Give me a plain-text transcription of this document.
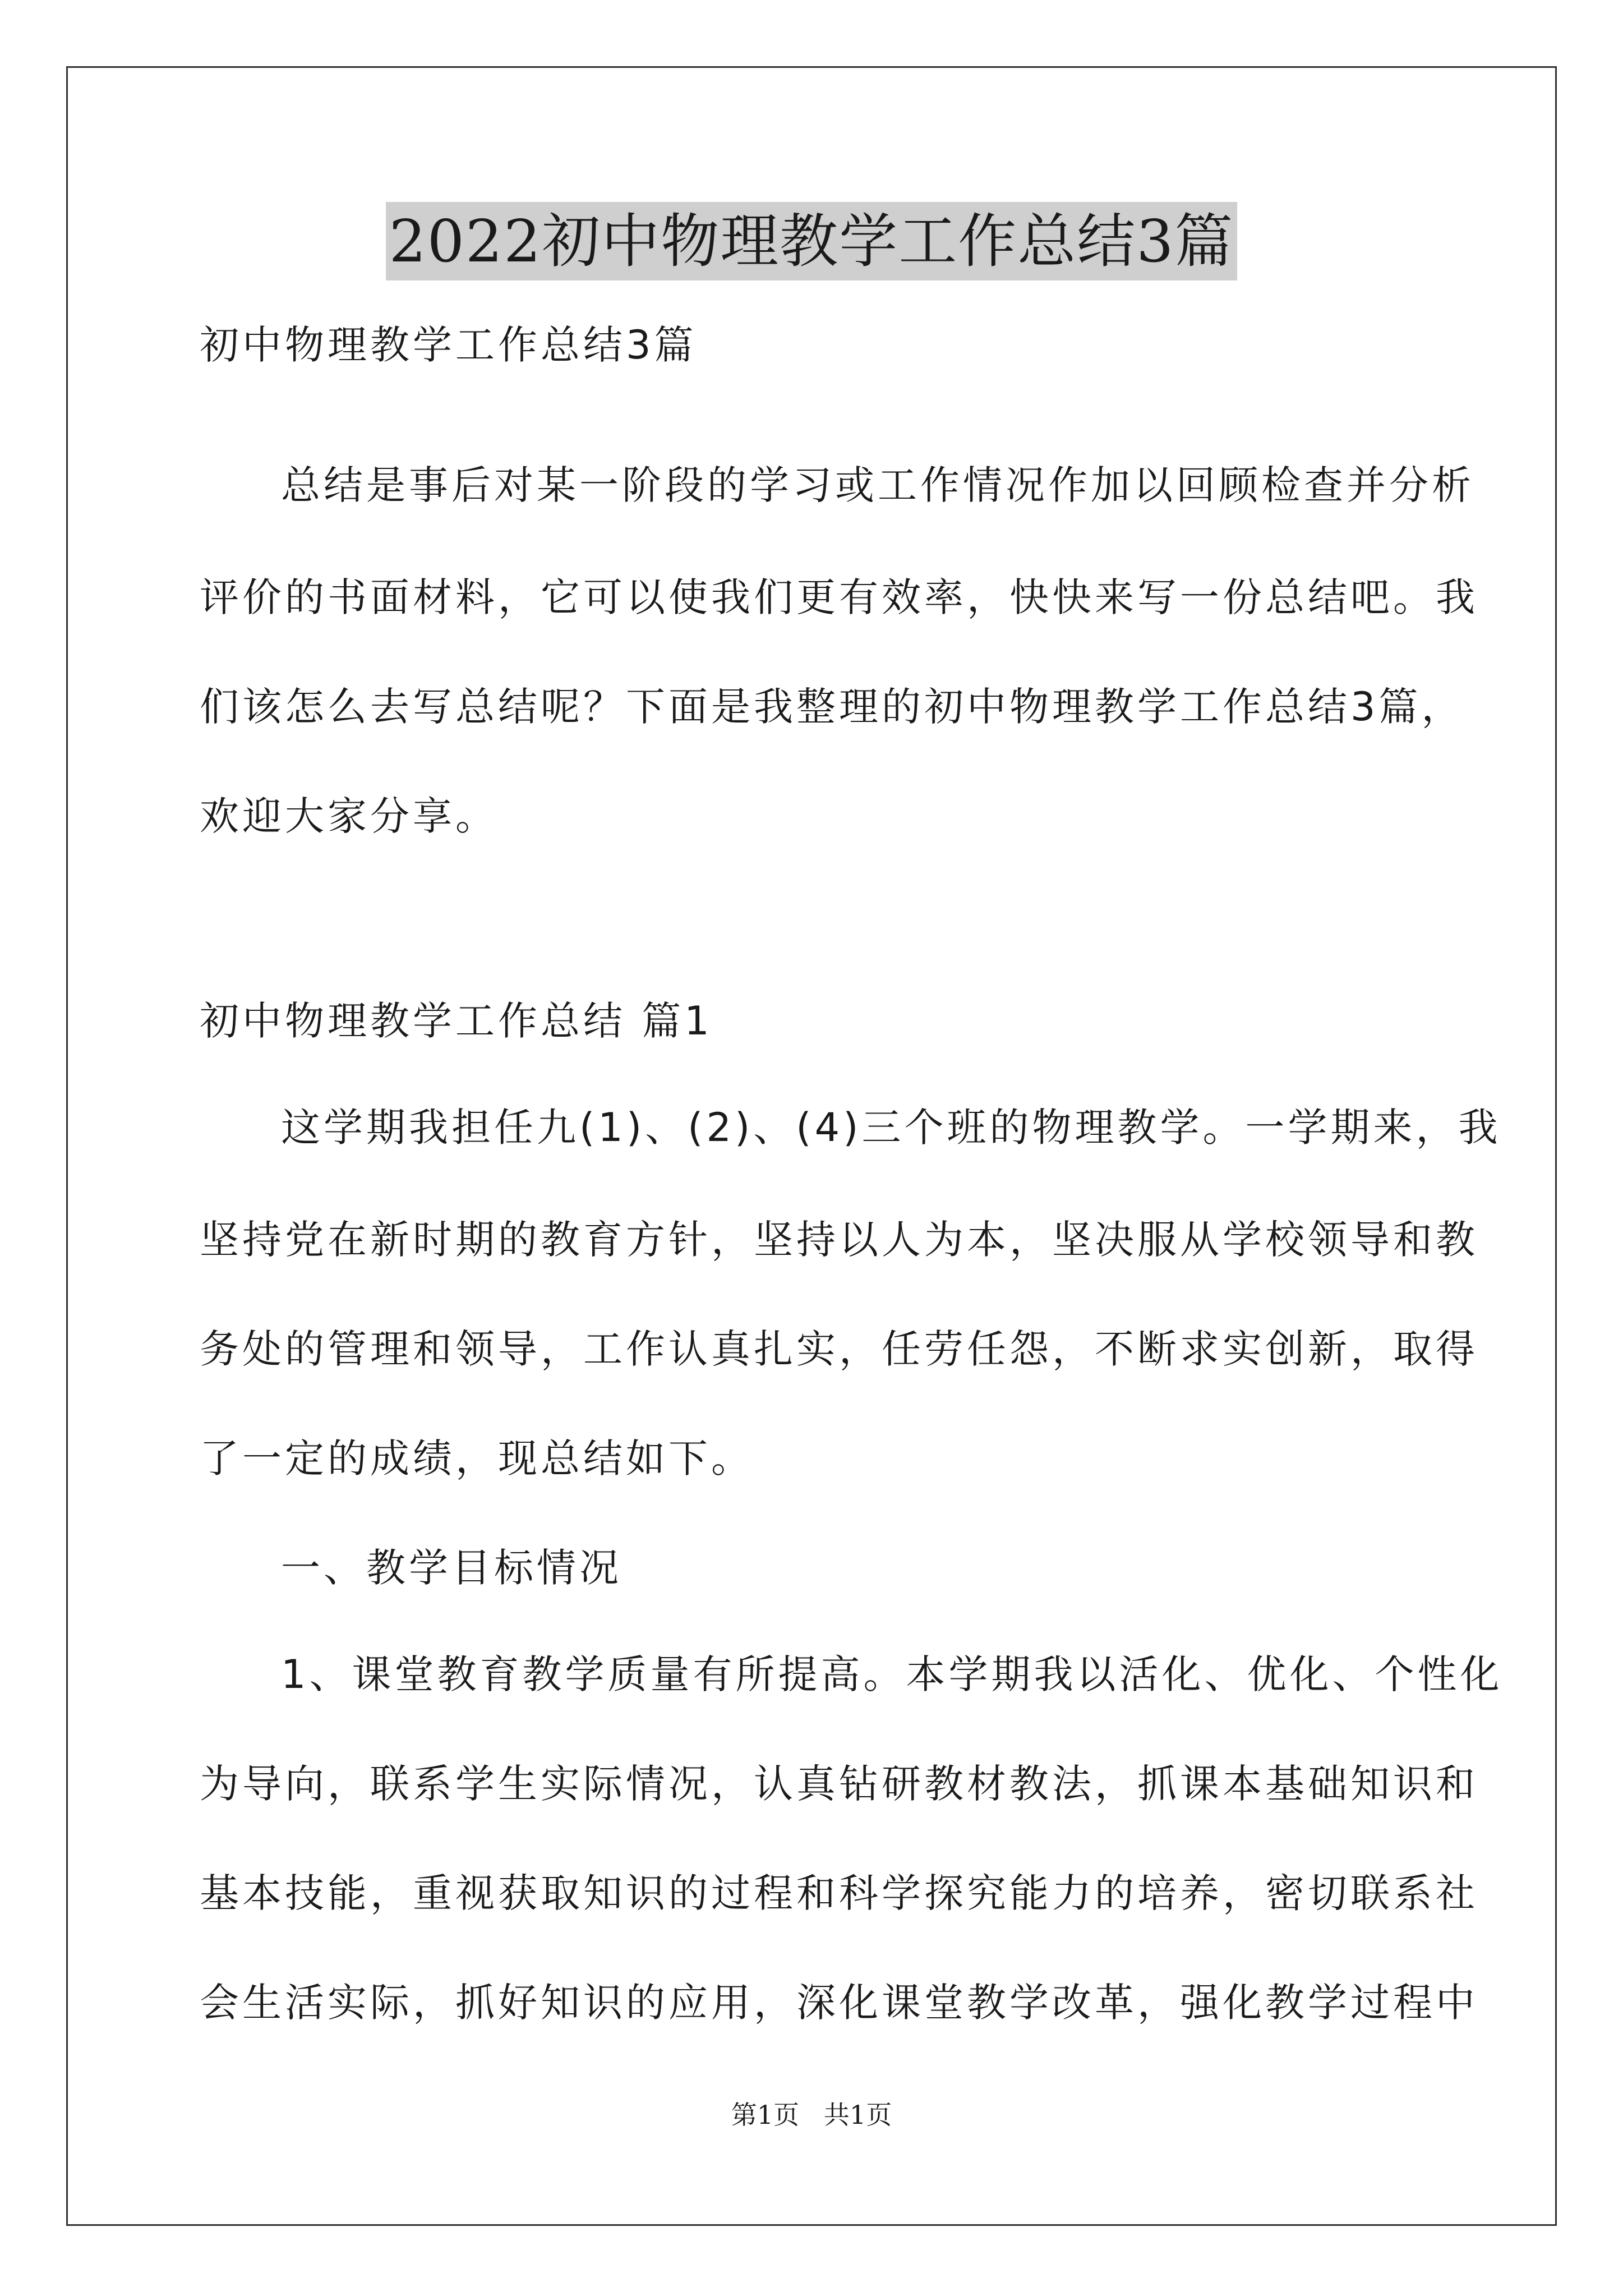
2022初中物理教学工作总结3篇
初中物理教学工作总结3篇
总结是事后对某一阶段的学习或工作情况作加以回顾检查并分析
评价的书面材料，它可以使我们更有效率，快快来写一份总结吧。我
们该怎么去写总结呢？下面是我整理的初中物理教学工作总结3篇，
欢迎大家分享。
初中物理教学工作总结 篇1
这学期我担任九(1)、(2)、(4)三个班的物理教学。一学期来，我
坚持党在新时期的教育方针，坚持以人为本，坚决服从学校领导和教
务处的管理和领导，工作认真扎实，任劳任怨，不断求实创新，取得
了一定的成绩，现总结如下。
一、教学目标情况
1、课堂教育教学质量有所提高。本学期我以活化、优化、个性化
为导向，联系学生实际情况，认真钻研教材教法，抓课本基础知识和
基本技能，重视获取知识的过程和科学探究能力的培养，密切联系社
会生活实际，抓好知识的应用，深化课堂教学改革，强化教学过程中
第1页   共1页
